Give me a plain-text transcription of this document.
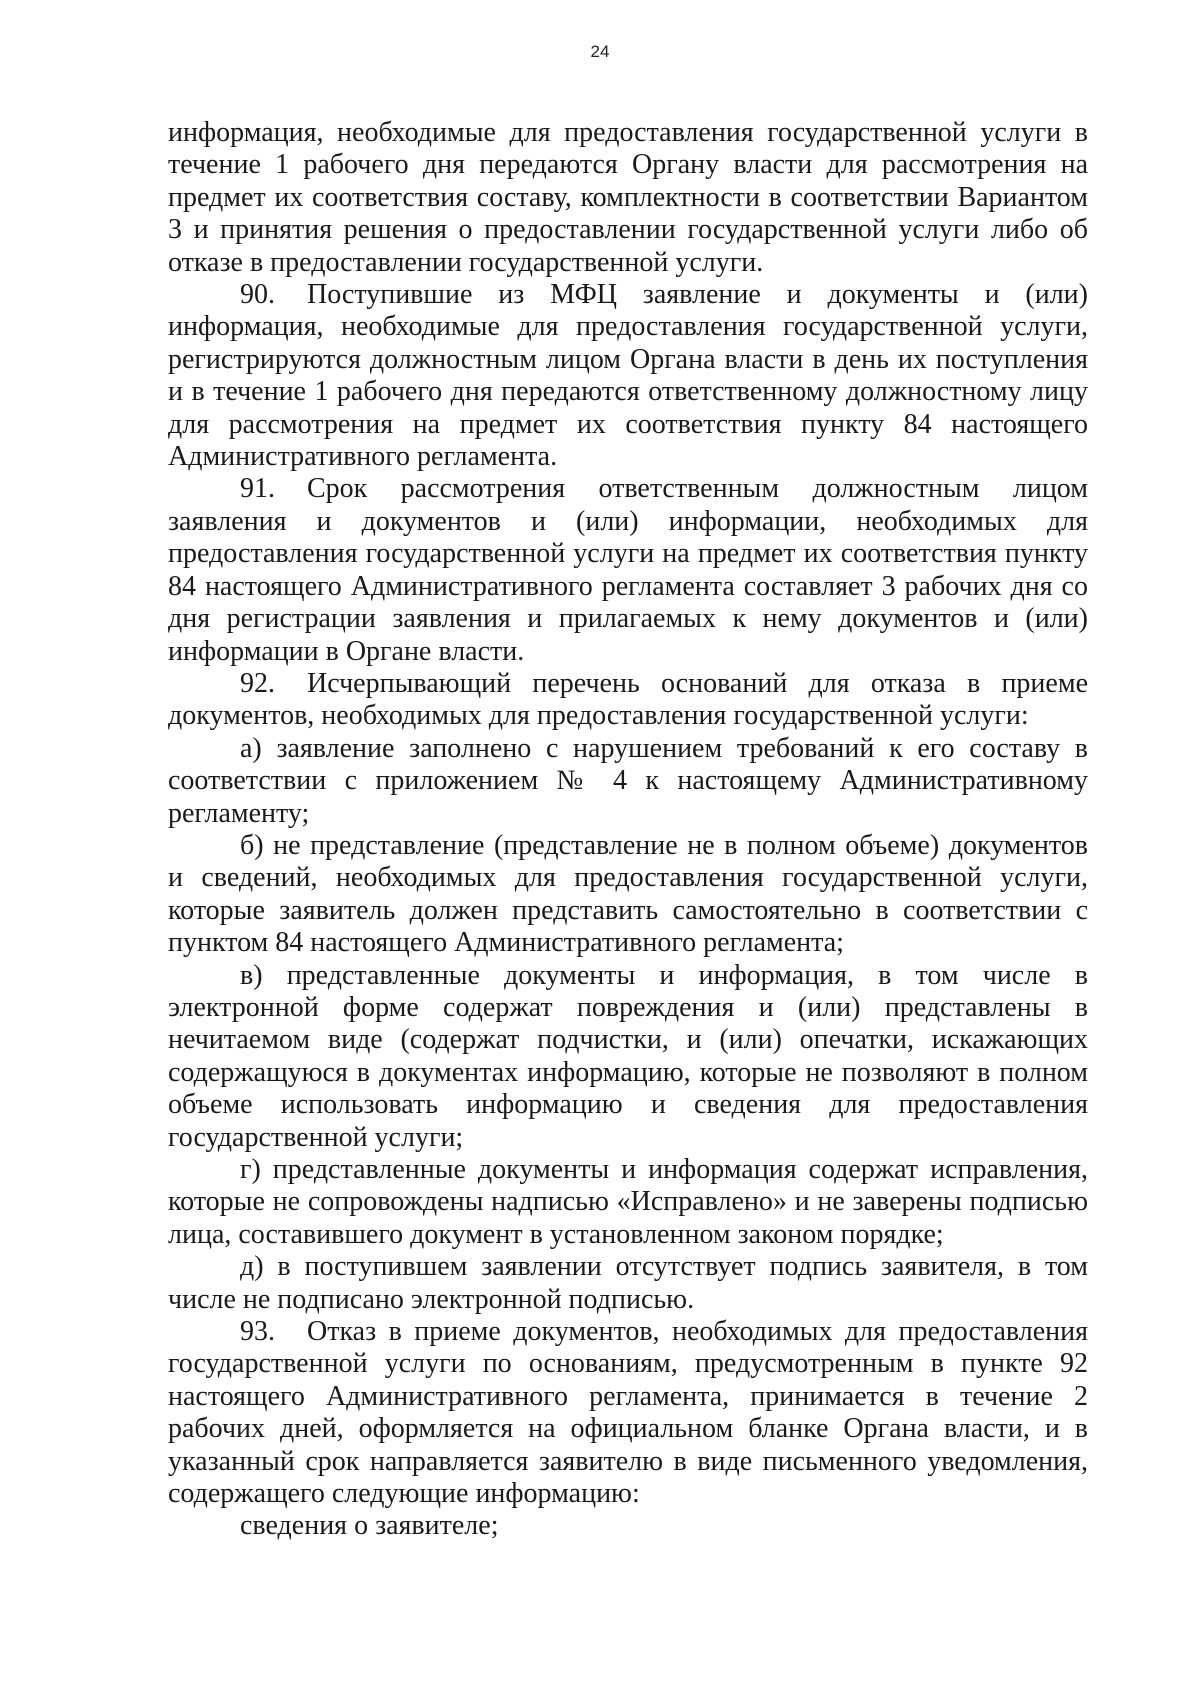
24

информация, необходимые для предоставления государственной услуги в течение 1 рабочего дня передаются Органу власти для рассмотрения на предмет их соответствия составу, комплектности в соответствии Вариантом 3 и принятия решения о предоставлении государственной услуги либо об отказе в предоставлении государственной услуги.

90. Поступившие из МФЦ заявление и документы и (или) информация, необходимые для предоставления государственной услуги, регистрируются должностным лицом Органа власти в день их поступления и в течение 1 рабочего дня передаются ответственному должностному лицу для рассмотрения на предмет их соответствия пункту 84 настоящего Административного регламента.

91. Срок рассмотрения ответственным должностным лицом заявления и документов и (или) информации, необходимых для предоставления государственной услуги на предмет их соответствия пункту 84 настоящего Административного регламента составляет 3 рабочих дня со дня регистрации заявления и прилагаемых к нему документов и (или) информации в Органе власти.

92. Исчерпывающий перечень оснований для отказа в приеме документов, необходимых для предоставления государственной услуги:

а) заявление заполнено с нарушением требований к его составу в соответствии с приложением № 4 к настоящему Административному регламенту;

б) не представление (представление не в полном объеме) документов и сведений, необходимых для предоставления государственной услуги, которые заявитель должен представить самостоятельно в соответствии с пунктом 84 настоящего Административного регламента;

в) представленные документы и информация, в том числе в электронной форме содержат повреждения и (или) представлены в нечитаемом виде (содержат подчистки, и (или) опечатки, искажающих содержащуюся в документах информацию, которые не позволяют в полном объеме использовать информацию и сведения для предоставления государственной услуги;

г) представленные документы и информация содержат исправления, которые не сопровождены надписью «Исправлено» и не заверены подписью лица, составившего документ в установленном законом порядке;

д) в поступившем заявлении отсутствует подпись заявителя, в том числе не подписано электронной подписью.

93. Отказ в приеме документов, необходимых для предоставления государственной услуги по основаниям, предусмотренным в пункте 92 настоящего Административного регламента, принимается в течение 2 рабочих дней, оформляется на официальном бланке Органа власти, и в указанный срок направляется заявителю в виде письменного уведомления, содержащего следующие информацию:

сведения о заявителе;
